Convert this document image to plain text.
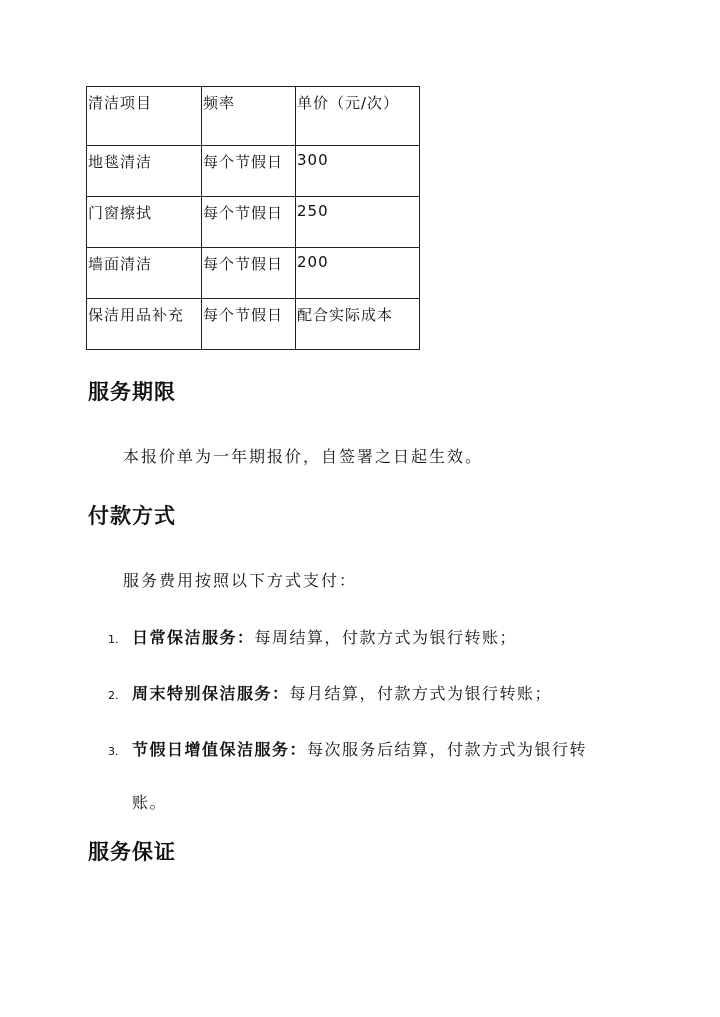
清洁项目	频率	单价（元/次）
地毯清洁	每个节假日	300
门窗擦拭	每个节假日	250
墙面清洁	每个节假日	200
保洁用品补充	每个节假日	配合实际成本
服务期限

本报价单为一年期报价，自签署之日起生效。

付款方式

服务费用按照以下方式支付：

1. 日常保洁服务：每周结算，付款方式为银行转账；
2. 周末特别保洁服务：每月结算，付款方式为银行转账；
3. 节假日增值保洁服务：每次服务后结算，付款方式为银行转
账。
服务保证
